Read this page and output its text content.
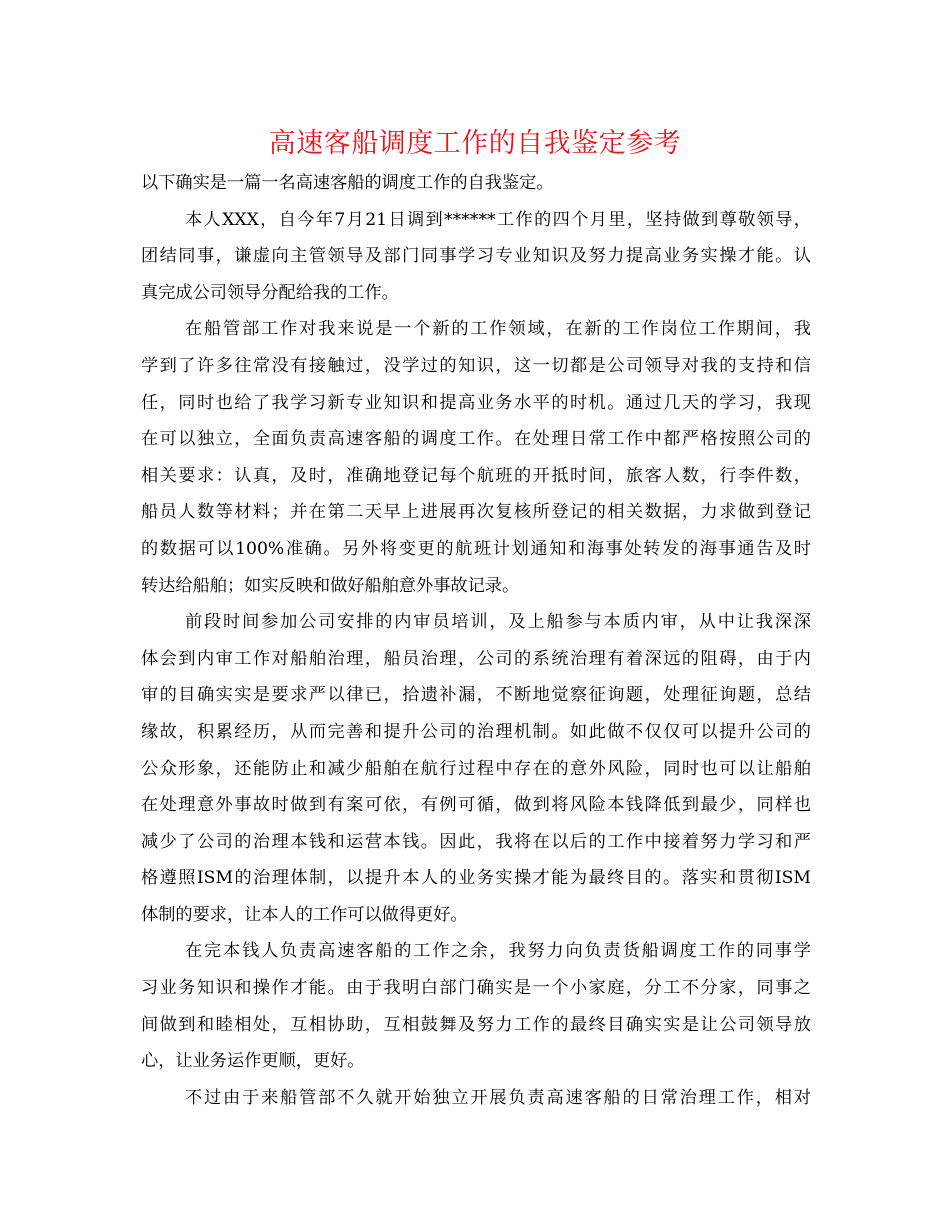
高速客船调度工作的自我鉴定参考

以下确实是一篇一名高速客船的调度工作的自我鉴定。

本人XXX，自今年7月21日调到******工作的四个月里，坚持做到尊敬领导，
团结同事，谦虚向主管领导及部门同事学习专业知识及努力提高业务实操才能。认
真完成公司领导分配给我的工作。
在船管部工作对我来说是一个新的工作领域，在新的工作岗位工作期间，我
学到了许多往常没有接触过，没学过的知识，这一切都是公司领导对我的支持和信
任，同时也给了我学习新专业知识和提高业务水平的时机。通过几天的学习，我现
在可以独立，全面负责高速客船的调度工作。在处理日常工作中都严格按照公司的
相关要求：认真，及时，准确地登记每个航班的开抵时间，旅客人数，行李件数，
船员人数等材料；并在第二天早上进展再次复核所登记的相关数据，力求做到登记
的数据可以100%准确。另外将变更的航班计划通知和海事处转发的海事通告及时
转达给船舶；如实反映和做好船舶意外事故记录。
前段时间参加公司安排的内审员培训，及上船参与本质内审，从中让我深深
体会到内审工作对船舶治理，船员治理，公司的系统治理有着深远的阻碍，由于内
审的目确实实是要求严以律已，拾遗补漏，不断地觉察征询题，处理征询题，总结
缘故，积累经历，从而完善和提升公司的治理机制。如此做不仅仅可以提升公司的
公众形象，还能防止和减少船舶在航行过程中存在的意外风险，同时也可以让船舶
在处理意外事故时做到有案可依，有例可循，做到将风险本钱降低到最少，同样也
减少了公司的治理本钱和运营本钱。因此，我将在以后的工作中接着努力学习和严
格遵照ISM的治理体制，以提升本人的业务实操才能为最终目的。落实和贯彻ISM
体制的要求，让本人的工作可以做得更好。
在完本钱人负责高速客船的工作之余，我努力向负责货船调度工作的同事学
习业务知识和操作才能。由于我明白部门确实是一个小家庭，分工不分家，同事之
间做到和睦相处，互相协助，互相鼓舞及努力工作的最终目确实实是让公司领导放
心，让业务运作更顺，更好。
不过由于来船管部不久就开始独立开展负责高速客船的日常治理工作，相对
